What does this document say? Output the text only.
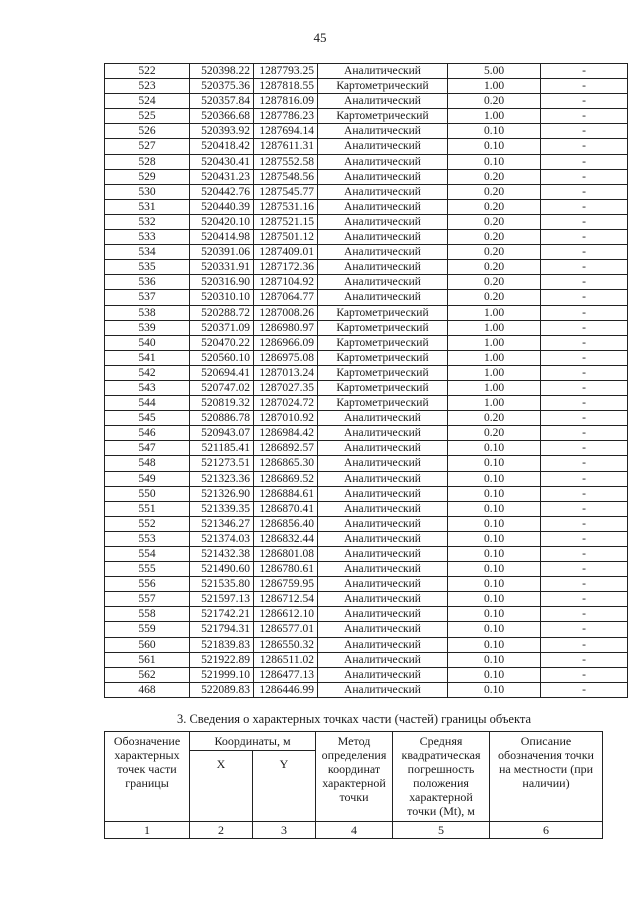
45
522	520398.22	1287793.25	Аналитический	5.00	-
523	520375.36	1287818.55	Картометрический	1.00	-
524	520357.84	1287816.09	Аналитический	0.20	-
525	520366.68	1287786.23	Картометрический	1.00	-
526	520393.92	1287694.14	Аналитический	0.10	-
527	520418.42	1287611.31	Аналитический	0.10	-
528	520430.41	1287552.58	Аналитический	0.10	-
529	520431.23	1287548.56	Аналитический	0.20	-
530	520442.76	1287545.77	Аналитический	0.20	-
531	520440.39	1287531.16	Аналитический	0.20	-
532	520420.10	1287521.15	Аналитический	0.20	-
533	520414.98	1287501.12	Аналитический	0.20	-
534	520391.06	1287409.01	Аналитический	0.20	-
535	520331.91	1287172.36	Аналитический	0.20	-
536	520316.90	1287104.92	Аналитический	0.20	-
537	520310.10	1287064.77	Аналитический	0.20	-
538	520288.72	1287008.26	Картометрический	1.00	-
539	520371.09	1286980.97	Картометрический	1.00	-
540	520470.22	1286966.09	Картометрический	1.00	-
541	520560.10	1286975.08	Картометрический	1.00	-
542	520694.41	1287013.24	Картометрический	1.00	-
543	520747.02	1287027.35	Картометрический	1.00	-
544	520819.32	1287024.72	Картометрический	1.00	-
545	520886.78	1287010.92	Аналитический	0.20	-
546	520943.07	1286984.42	Аналитический	0.20	-
547	521185.41	1286892.57	Аналитический	0.10	-
548	521273.51	1286865.30	Аналитический	0.10	-
549	521323.36	1286869.52	Аналитический	0.10	-
550	521326.90	1286884.61	Аналитический	0.10	-
551	521339.35	1286870.41	Аналитический	0.10	-
552	521346.27	1286856.40	Аналитический	0.10	-
553	521374.03	1286832.44	Аналитический	0.10	-
554	521432.38	1286801.08	Аналитический	0.10	-
555	521490.60	1286780.61	Аналитический	0.10	-
556	521535.80	1286759.95	Аналитический	0.10	-
557	521597.13	1286712.54	Аналитический	0.10	-
558	521742.21	1286612.10	Аналитический	0.10	-
559	521794.31	1286577.01	Аналитический	0.10	-
560	521839.83	1286550.32	Аналитический	0.10	-
561	521922.89	1286511.02	Аналитический	0.10	-
562	521999.10	1286477.13	Аналитический	0.10	-
468	522089.83	1286446.99	Аналитический	0.10	-
3. Сведения о характерных точках части (частей) границы объекта
Обозначение характерных точек части границы	Координаты, м		Метод определения координат характерной точки	Средняя квадратическая погрешность положения характерной точки (Mt), м	Описание обозначения точки на местности (при наличии)
	X	Y			
1	2	3	4	5	6
